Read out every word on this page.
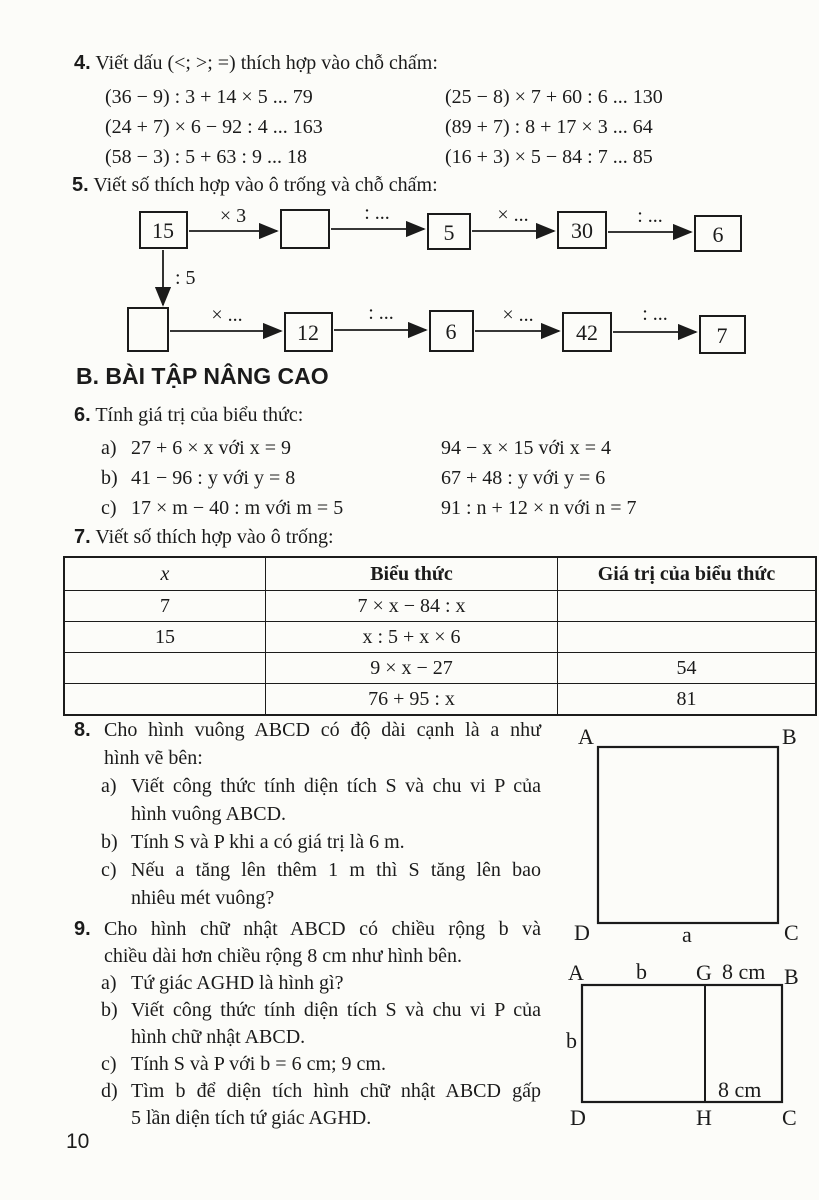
4. Viết dấu (<; >; =) thích hợp vào chỗ chấm:
(36 − 9) : 3 + 14 × 5 ... 79	(25 − 8) × 7 + 60 : 6 ... 130
(24 + 7) × 6 − 92 : 4 ... 163	(89 + 7) : 8 + 17 × 3 ... 64
(58 − 3) : 5 + 63 : 9 ... 18	(16 + 3) × 5 − 84 : 7 ... 85
5. Viết số thích hợp vào ô trống và chỗ chấm:
15	5	30	6
× 3	: ...	× ...	: ...
: 5
12	6	42	7
× ...	: ...	× ...	: ...
B. BÀI TẬP NÂNG CAO
6. Tính giá trị của biểu thức:
a) 27 + 6 × x với x = 9	94 − x × 15 với x = 4
b) 41 − 96 : y với y = 8	67 + 48 : y với y = 6
c) 17 × m − 40 : m với m = 5	91 : n + 12 × n với n = 7
7. Viết số thích hợp vào ô trống:
x	Biểu thức	Giá trị của biểu thức
7	7 × x − 84 : x	
15	x : 5 + x × 6	
	9 × x − 27	54
	76 + 95 : x	81
8. Cho hình vuông ABCD có độ dài cạnh là a như
hình vẽ bên:
a) Viết công thức tính diện tích S và chu vi P của
hình vuông ABCD.
b) Tính S và P khi a có giá trị là 6 m.
c) Nếu a tăng lên thêm 1 m thì S tăng lên bao
nhiêu mét vuông?
A	B
D	C
a
9. Cho hình chữ nhật ABCD có chiều rộng b và
chiều dài hơn chiều rộng 8 cm như hình bên.
a) Tứ giác AGHD là hình gì?
b) Viết công thức tính diện tích S và chu vi P của
hình chữ nhật ABCD.
c) Tính S và P với b = 6 cm; 9 cm.
d) Tìm b để diện tích hình chữ nhật ABCD gấp
5 lần diện tích tứ giác AGHD.
A b G 8 cm B
b
8 cm
D	H	C
10
